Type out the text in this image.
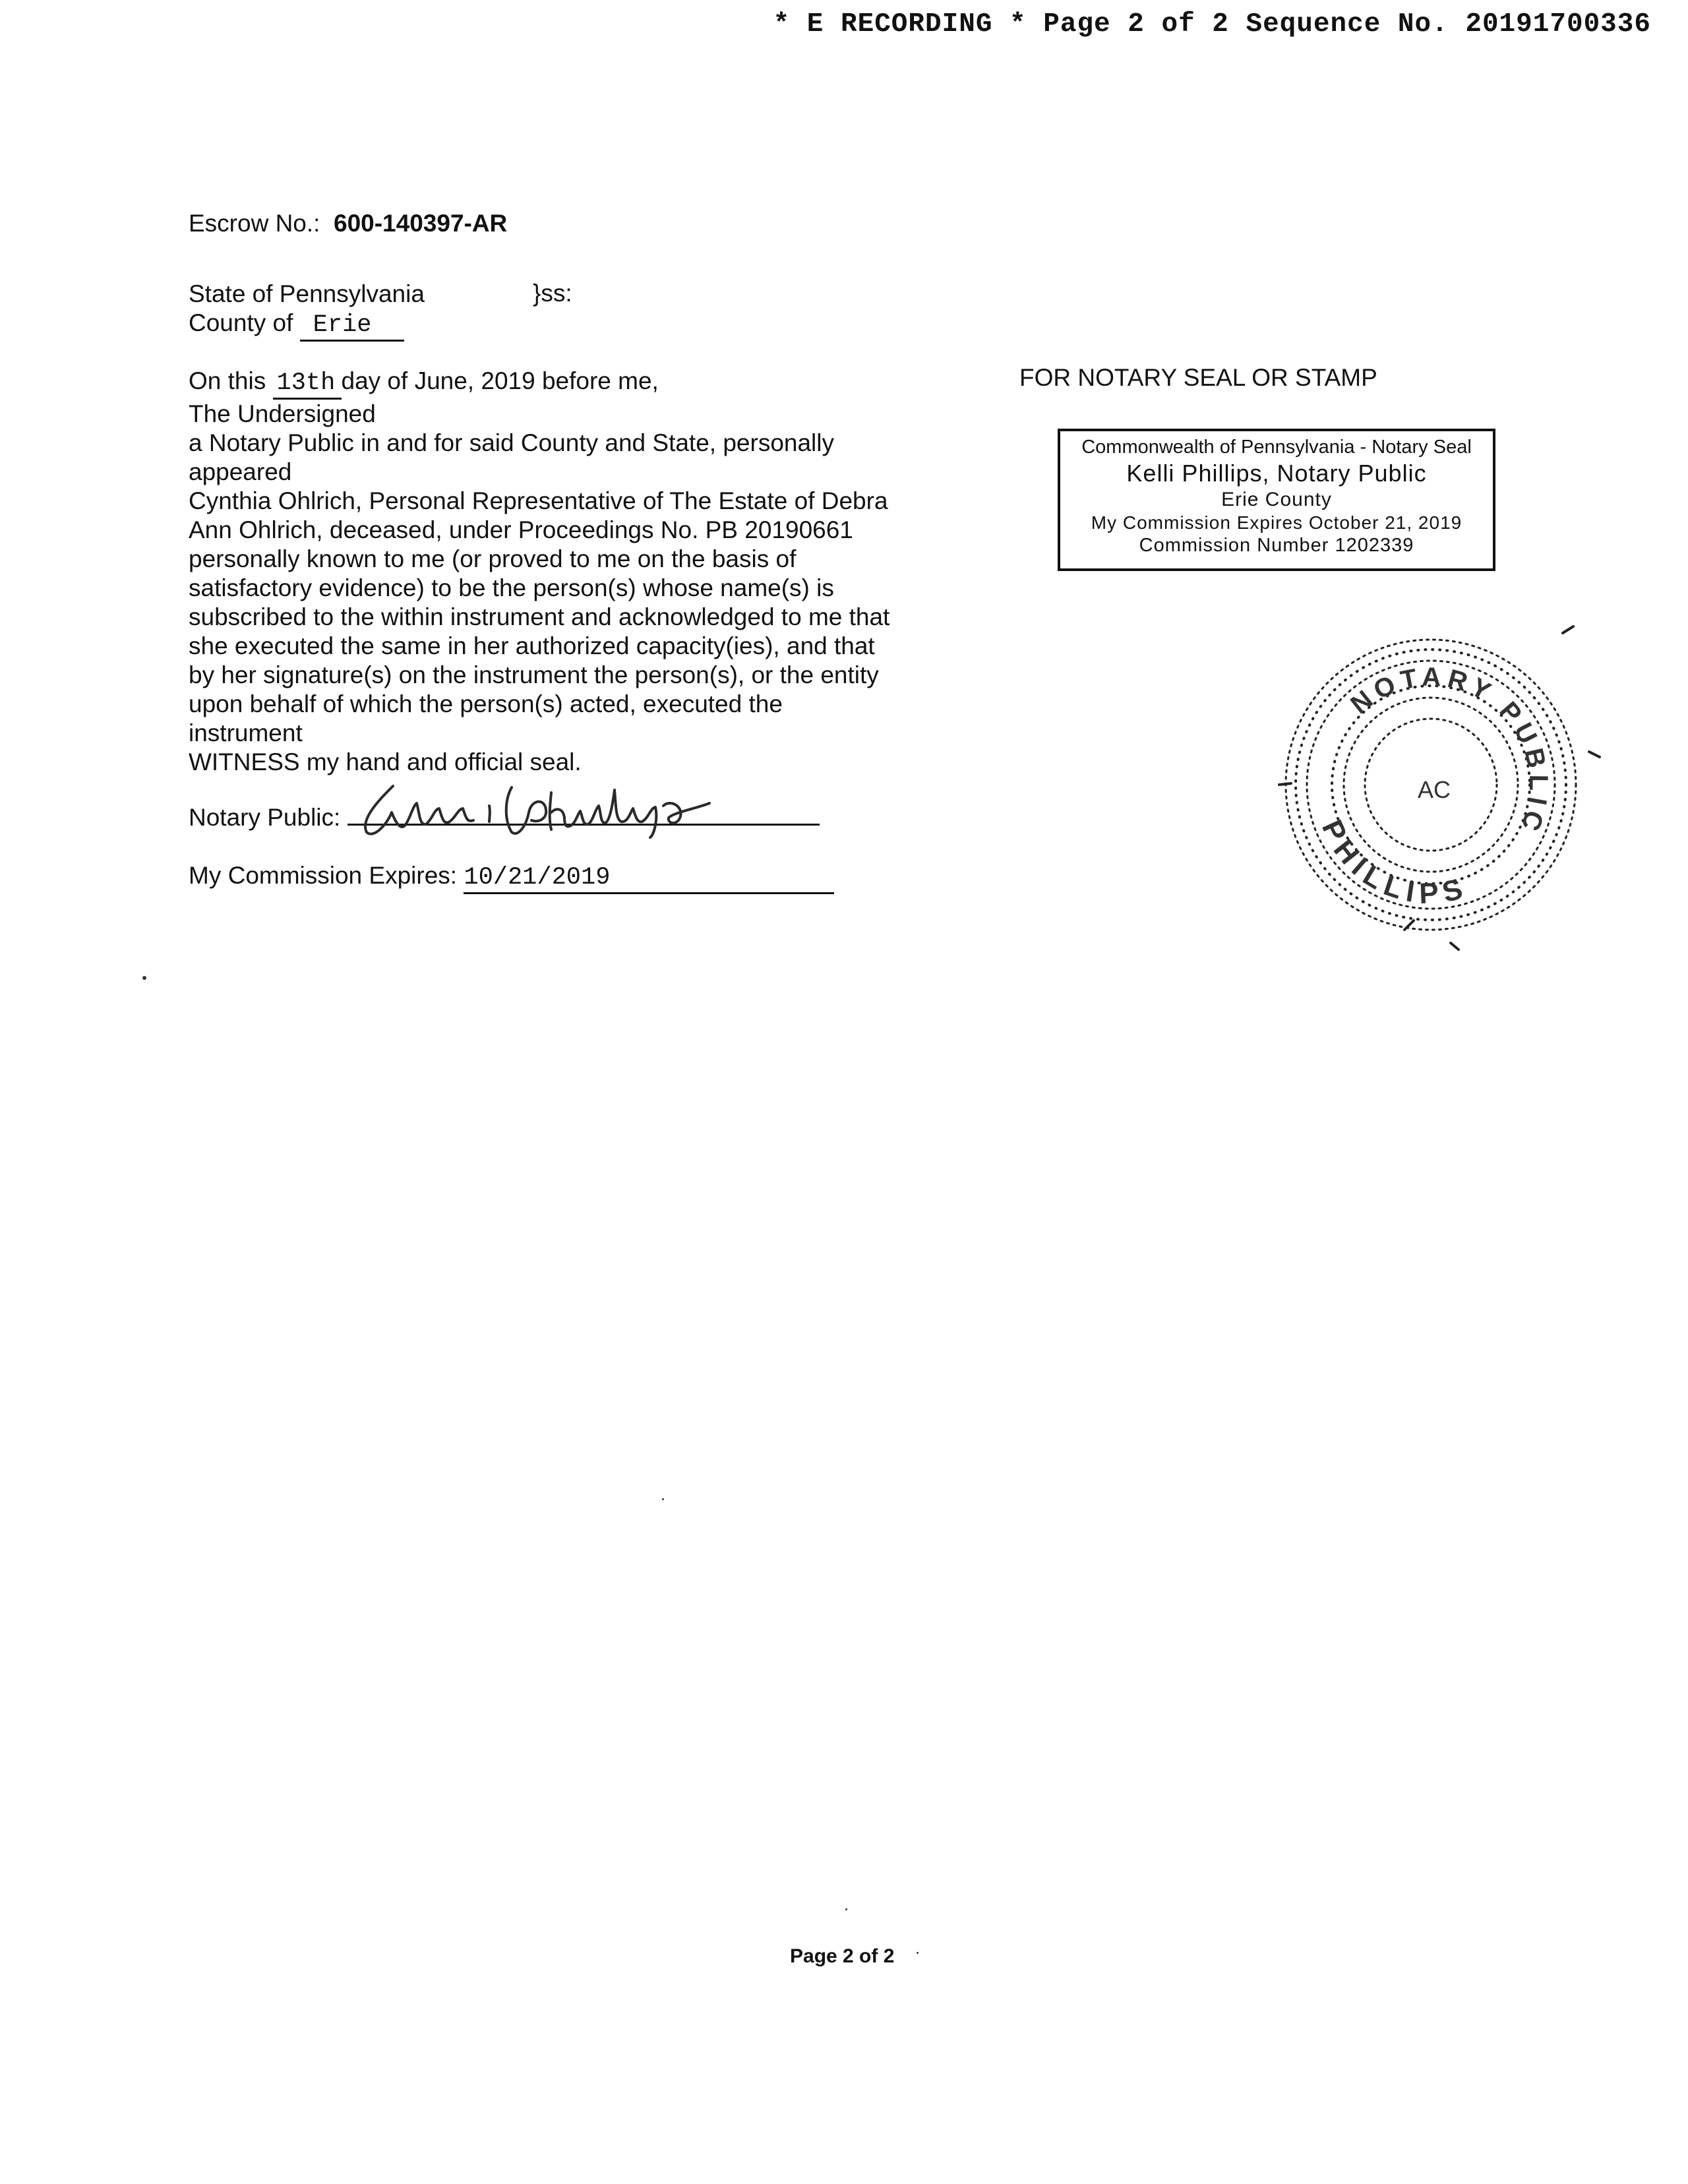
* E RECORDING * Page 2 of 2 Sequence No. 20191700336
Escrow No.: 600-140397-AR
State of Pennsylvania	}ss:
County of Erie
On this 13th day of June, 2019 before me,
The Undersigned
a Notary Public in and for said County and State, personally
appeared
Cynthia Ohlrich, Personal Representative of The Estate of Debra
Ann Ohlrich, deceased, under Proceedings No. PB 20190661
personally known to me (or proved to me on the basis of
satisfactory evidence) to be the person(s) whose name(s) is
subscribed to the within instrument and acknowledged to me that
she executed the same in her authorized capacity(ies), and that
by her signature(s) on the instrument the person(s), or the entity
upon behalf of which the person(s) acted, executed the
instrument
WITNESS my hand and official seal.
Notary Public:
My Commission Expires: 10/21/2019
FOR NOTARY SEAL OR STAMP
Commonwealth of Pennsylvania - Notary Seal
Kelli Phillips, Notary Public
Erie County
My Commission Expires October 21, 2019
Commission Number 1202339
NOTARY PUBLIC
PHILLIPS
AC
Page 2 of 2
